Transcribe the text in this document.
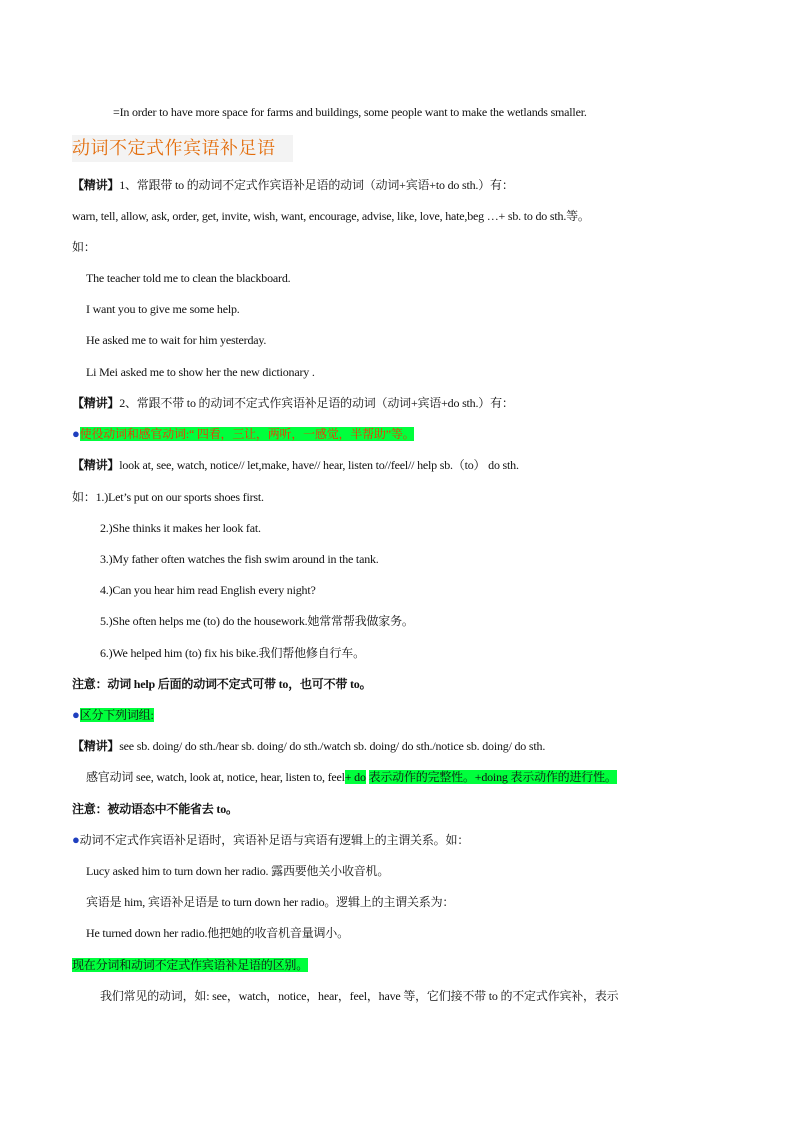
=In order to have more space for farms and buildings, some people want to make the wetlands smaller.
动词不定式作宾语补足语
【精讲】1、常跟带 to 的动词不定式作宾语补足语的动词（动词+宾语+to do sth.）有：
warn, tell, allow, ask, order, get, invite, wish, want, encourage, advise, like, love, hate,beg …+ sb. to do sth.等。
如：
The teacher told me to clean the blackboard.
I want you to give me some help.
He asked me to wait for him yesterday.
Li Mei asked me to show her the new dictionary .
【精讲】2、常跟不带 to 的动词不定式作宾语补足语的动词（动词+宾语+do sth.）有：
●使役动词和感官动词:“ 四看，三让，两听，一感觉，半帮助”等。
【精讲】look at, see, watch, notice// let,make, have// hear, listen to//feel// help sb.（to） do sth.
如：1.)Let’s put on our sports shoes first.
2.)She thinks it makes her look fat.
3.)My father often watches the fish swim around in the tank.
4.)Can you hear him read English every night?
5.)She often helps me (to) do the housework.她常常帮我做家务。
6.)We helped him (to) fix his bike.我们帮他修自行车。
注意：动词 help 后面的动词不定式可带 to，也可不带 to。
●区分下列词组:
【精讲】see sb. doing/ do sth./hear sb. doing/ do sth./watch sb. doing/ do sth./notice sb. doing/ do sth.
感官动词 see, watch, look at, notice, hear, listen to, feel+ do 表示动作的完整性。+doing 表示动作的进行性。
注意：被动语态中不能省去 to。
●动词不定式作宾语补足语时，宾语补足语与宾语有逻辑上的主谓关系。如：
Lucy asked him to turn down her radio. 露西要他关小收音机。
宾语是 him, 宾语补足语是 to turn down her radio。逻辑上的主谓关系为：
He turned down her radio.他把她的收音机音量调小。
现在分词和动词不定式作宾语补足语的区别。
我们常见的动词，如: see，watch，notice，hear，feel，have 等，它们接不带 to 的不定式作宾补，表示
